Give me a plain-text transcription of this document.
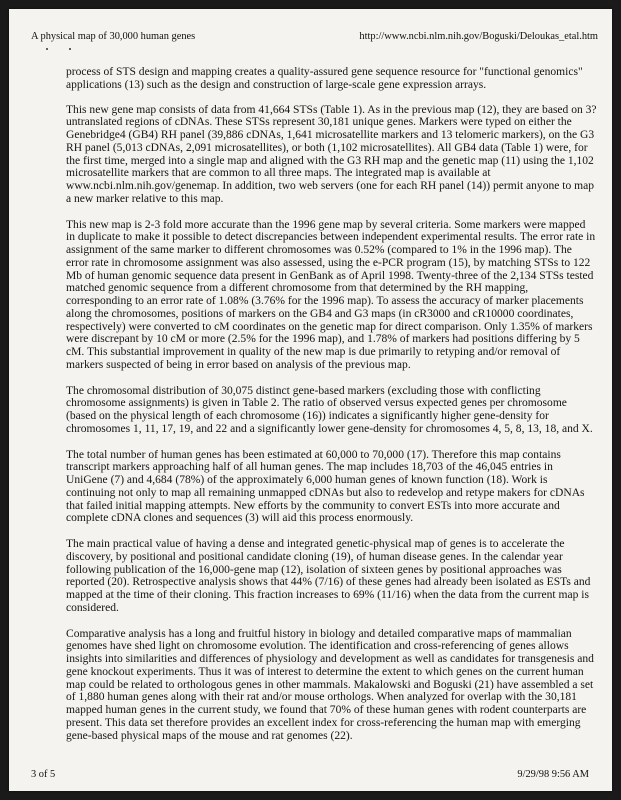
A physical map of 30,000 human genes	http://www.ncbi.nlm.nih.gov/Boguski/Deloukas_etal.htm

process of STS design and mapping creates a quality-assured gene sequence resource for "functional genomics" applications (13) such as the design and construction of large-scale gene expression arrays.

This new gene map consists of data from 41,664 STSs (Table 1). As in the previous map (12), they are based on 3? untranslated regions of cDNAs. These STSs represent 30,181 unique genes. Markers were typed on either the Genebridge4 (GB4) RH panel (39,886 cDNAs, 1,641 microsatellite markers and 13 telomeric markers), on the G3 RH panel (5,013 cDNAs, 2,091 microsatellites), or both (1,102 microsatellites). All GB4 data (Table 1) were, for the first time, merged into a single map and aligned with the G3 RH map and the genetic map (11) using the 1,102 microsatellite markers that are common to all three maps. The integrated map is available at www.ncbi.nlm.nih.gov/genemap. In addition, two web servers (one for each RH panel (14)) permit anyone to map a new marker relative to this map.

This new map is 2-3 fold more accurate than the 1996 gene map by several criteria. Some markers were mapped in duplicate to make it possible to detect discrepancies between independent experimental results. The error rate in assignment of the same marker to different chromosomes was 0.52% (compared to 1% in the 1996 map). The error rate in chromosome assignment was also assessed, using the e-PCR program (15), by matching STSs to 122 Mb of human genomic sequence data present in GenBank as of April 1998. Twenty-three of the 2,134 STSs tested matched genomic sequence from a different chromosome from that determined by the RH mapping, corresponding to an error rate of 1.08% (3.76% for the 1996 map). To assess the accuracy of marker placements along the chromosomes, positions of markers on the GB4 and G3 maps (in cR3000 and cR10000 coordinates, respectively) were converted to cM coordinates on the genetic map for direct comparison. Only 1.35% of markers were discrepant by 10 cM or more (2.5% for the 1996 map), and 1.78% of markers had positions differing by 5 cM. This substantial improvement in quality of the new map is due primarily to retyping and/or removal of markers suspected of being in error based on analysis of the previous map.

The chromosomal distribution of 30,075 distinct gene-based markers (excluding those with conflicting chromosome assignments) is given in Table 2. The ratio of observed versus expected genes per chromosome (based on the physical length of each chromosome (16)) indicates a significantly higher gene-density for chromosomes 1, 11, 17, 19, and 22 and a significantly lower gene-density for chromosomes 4, 5, 8, 13, 18, and X.

The total number of human genes has been estimated at 60,000 to 70,000 (17). Therefore this map contains transcript markers approaching half of all human genes. The map includes 18,703 of the 46,045 entries in UniGene (7) and 4,684 (78%) of the approximately 6,000 human genes of known function (18). Work is continuing not only to map all remaining unmapped cDNAs but also to redevelop and retype makers for cDNAs that failed initial mapping attempts. New efforts by the community to convert ESTs into more accurate and complete cDNA clones and sequences (3) will aid this process enormously.

The main practical value of having a dense and integrated genetic-physical map of genes is to accelerate the discovery, by positional and positional candidate cloning (19), of human disease genes. In the calendar year following publication of the 16,000-gene map (12), isolation of sixteen genes by positional approaches was reported (20). Retrospective analysis shows that 44% (7/16) of these genes had already been isolated as ESTs and mapped at the time of their cloning. This fraction increases to 69% (11/16) when the data from the current map is considered.

Comparative analysis has a long and fruitful history in biology and detailed comparative maps of mammalian genomes have shed light on chromosome evolution. The identification and cross-referencing of genes allows insights into similarities and differences of physiology and development as well as candidates for transgenesis and gene knockout experiments. Thus it was of interest to determine the extent to which genes on the current human map could be related to orthologous genes in other mammals. Makalowski and Boguski (21) have assembled a set of 1,880 human genes along with their rat and/or mouse orthologs. When analyzed for overlap with the 30,181 mapped human genes in the current study, we found that 70% of these human genes with rodent counterparts are present. This data set therefore provides an excellent index for cross-referencing the human map with emerging gene-based physical maps of the mouse and rat genomes (22).

3 of 5	9/29/98 9:56 AM
